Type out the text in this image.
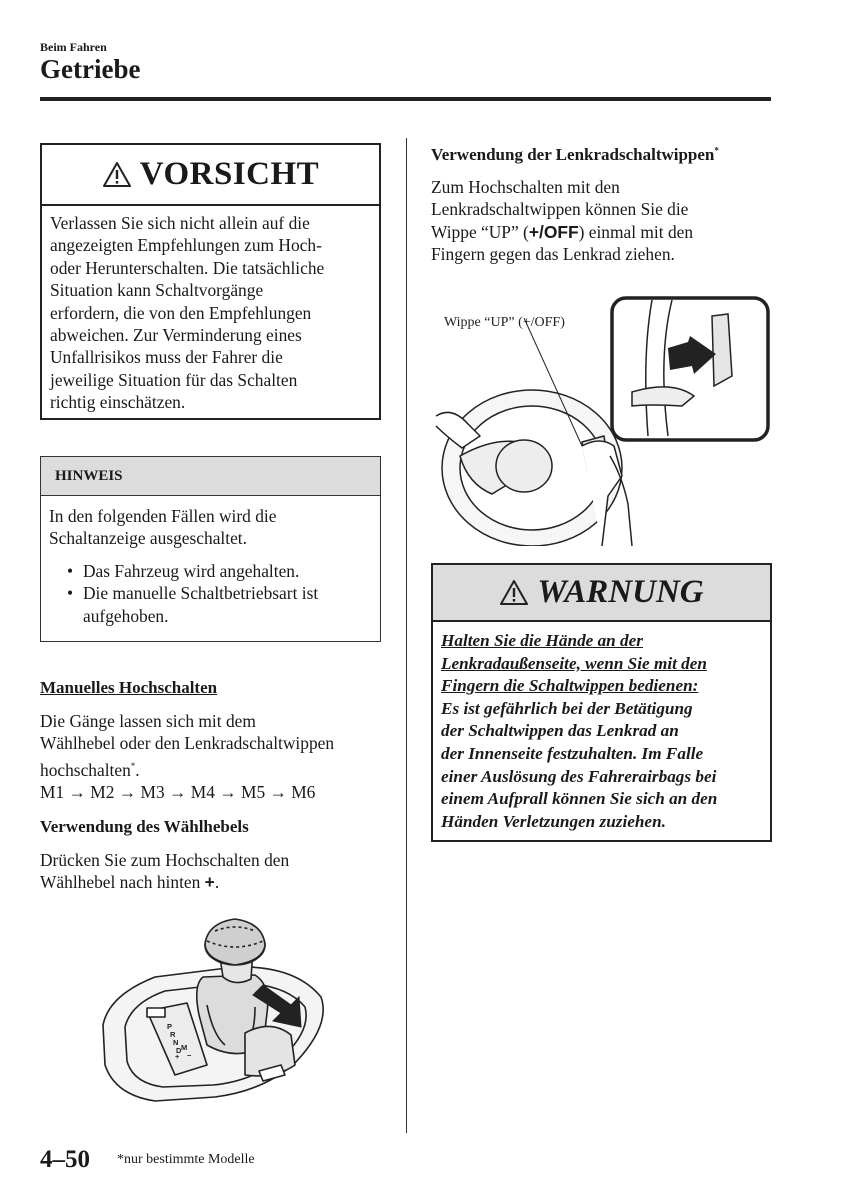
Beim Fahren
Getriebe
VORSICHT
Verlassen Sie sich nicht allein auf die
angezeigten Empfehlungen zum Hoch-
oder Herunterschalten. Die tatsächliche
Situation kann Schaltvorgänge
erfordern, die von den Empfehlungen
abweichen. Zur Verminderung eines
Unfallrisikos muss der Fahrer die
jeweilige Situation für das Schalten
richtig einschätzen.
HINWEIS
In den folgenden Fällen wird die
Schaltanzeige ausgeschaltet.
• Das Fahrzeug wird angehalten.
• Die manuelle Schaltbetriebsart ist
aufgehoben.
Manuelles Hochschalten
Die Gänge lassen sich mit dem
Wählhebel oder den Lenkradschaltwippen
hochschalten*.
M1 → M2 → M3 → M4 → M5 → M6
Verwendung des Wählhebels
Drücken Sie zum Hochschalten den
Wählhebel nach hinten +.
P
R
N
D M
+ −
Verwendung der Lenkradschaltwippen*
Zum Hochschalten mit den
Lenkradschaltwippen können Sie die
Wippe “UP” (+/OFF) einmal mit den
Fingern gegen das Lenkrad ziehen.
Wippe “UP” (+/OFF)
WARNUNG
Halten Sie die Hände an der
Lenkradaußenseite, wenn Sie mit den
Fingern die Schaltwippen bedienen:
Es ist gefährlich bei der Betätigung
der Schaltwippen das Lenkrad an
der Innenseite festzuhalten. Im Falle
einer Auslösung des Fahrerairbags bei
einem Aufprall können Sie sich an den
Händen Verletzungen zuziehen.
4–50 *nur bestimmte Modelle
